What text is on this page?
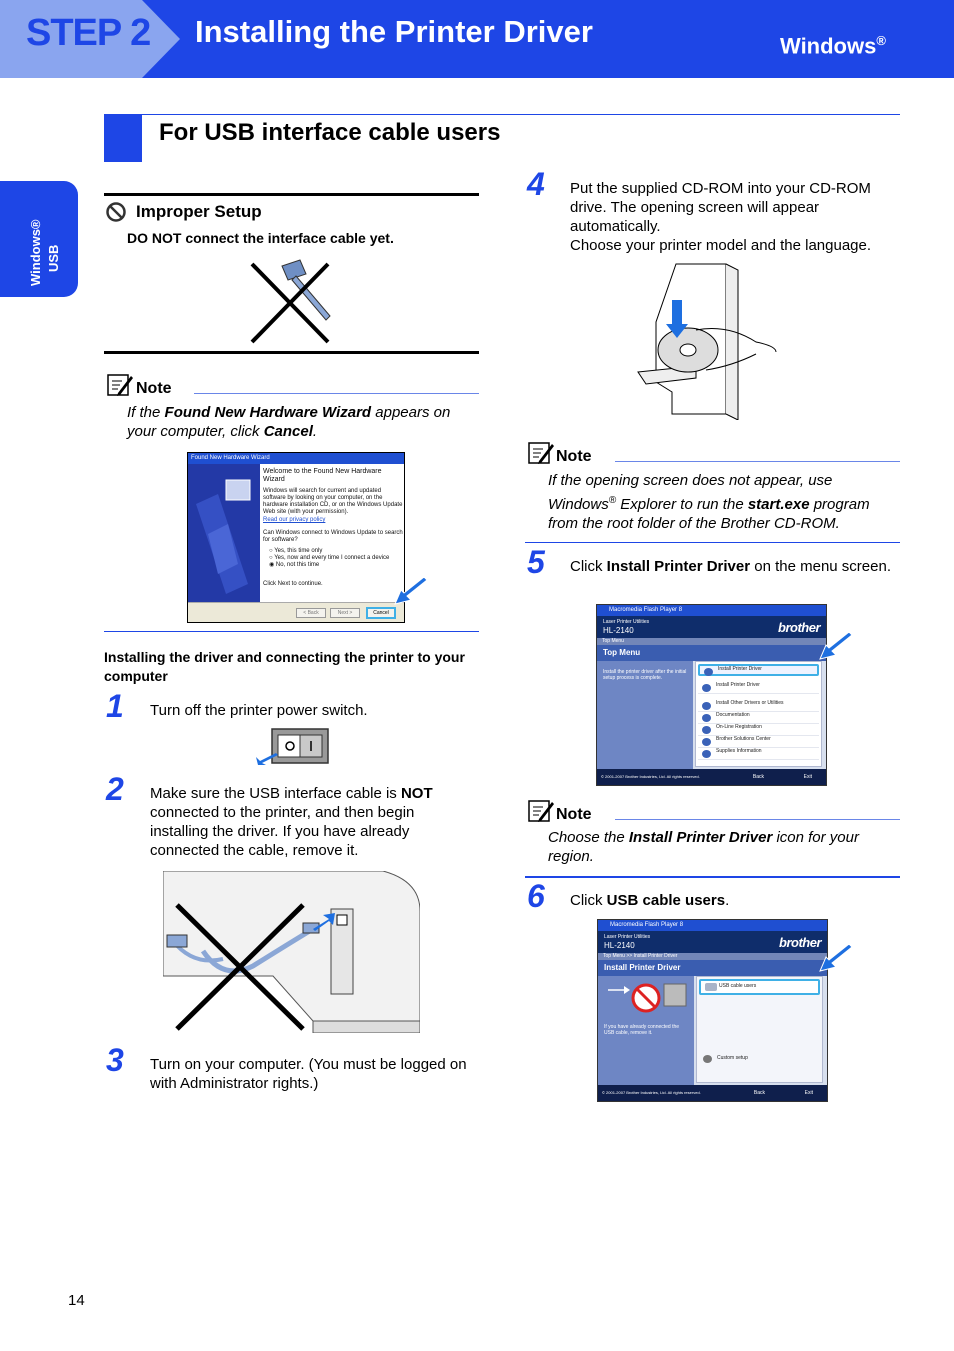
STEP 2 Installing the Printer Driver	Windows®
Windows® USB
For USB interface cable users
Improper Setup
DO NOT connect the interface cable yet.
Note
If the Found New Hardware Wizard appears on your computer, click Cancel.
Found New Hardware Wizard
Welcome to the Found New Hardware Wizard
Windows will search for current and updated software by looking on your computer, on the hardware installation CD, or on the Windows Update Web site (with your permission).
Read our privacy policy
Can Windows connect to Windows Update to search for software?
○ Yes, this time only
○ Yes, now and every time I connect a device
◉ No, not this time
Click Next to continue.
< Back	Next >	Cancel
Installing the driver and connecting the printer to your computer
1 Turn off the printer power switch.
2 Make sure the USB interface cable is NOT connected to the printer, and then begin installing the driver. If you have already connected the cable, remove it.
3 Turn on your computer. (You must be logged on with Administrator rights.)
4 Put the supplied CD-ROM into your CD-ROM drive. The opening screen will appear automatically.
Choose your printer model and the language.
Note
If the opening screen does not appear, use Windows® Explorer to run the start.exe program from the root folder of the Brother CD-ROM.
5 Click Install Printer Driver on the menu screen.
Macromedia Flash Player 8
Laser Printer Utilities
HL-2140	brother
Top Menu
Top Menu
Install the printer driver after the initial setup process is complete.
Install Printer Driver
Install Printer Driver
Install Other Drivers or Utilities
Documentation
On-Line Registration
Brother Solutions Center
Supplies Information
© 2001-2007 Brother Industries, Ltd. All rights reserved.	Back	Exit
Note
Choose the Install Printer Driver icon for your region.
6 Click USB cable users.
Macromedia Flash Player 8
Laser Printer Utilities
HL-2140	brother
Top Menu >> Install Printer Driver
Install Printer Driver
If you have already connected the USB cable, remove it.
USB cable users
Custom setup
© 2001-2007 Brother Industries, Ltd. All rights reserved.	Back	Exit
14
